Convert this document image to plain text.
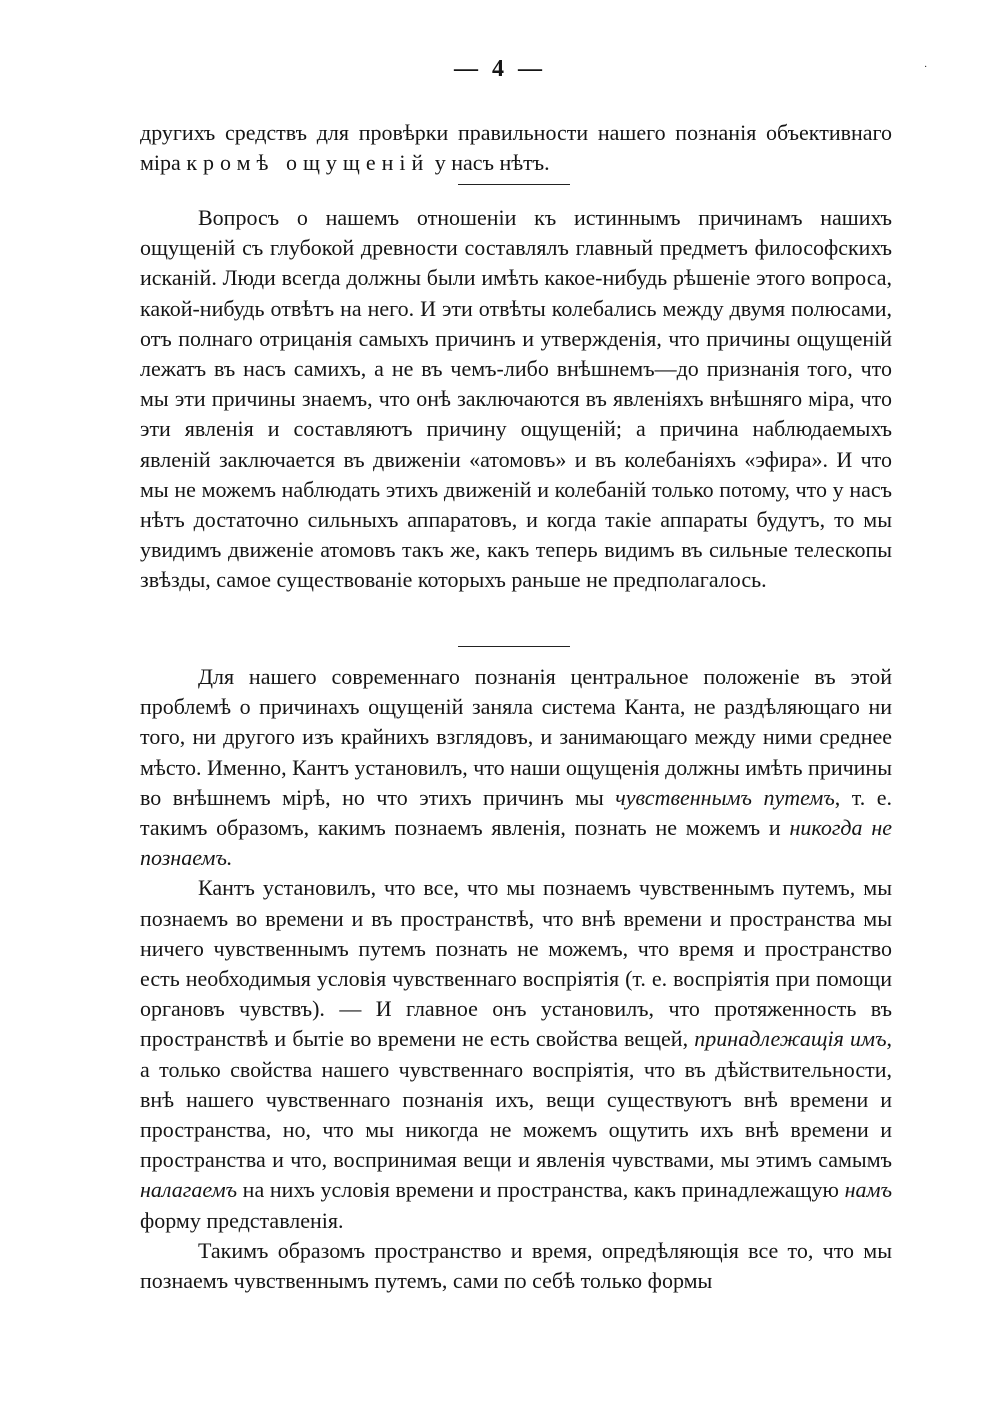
— 4 —	·

другихъ средствъ для провѣрки правильности нашего познанія объективнаго міра кромѣ ощущеній у насъ нѣтъ.

Вопросъ о нашемъ отношеніи къ истиннымъ причинамъ нашихъ ощущеній съ глубокой древности составлялъ главный предметъ философскихъ исканій. Люди всегда должны были имѣть какое-нибудь рѣшеніе этого вопроса, какой-нибудь отвѣтъ на него. И эти отвѣты колебались между двумя полюсами, отъ полнаго отрицанія самыхъ причинъ и утвержденія, что причины ощущеній лежатъ въ насъ самихъ, а не въ чемъ-либо внѣшнемъ—до признанія того, что мы эти причины знаемъ, что онѣ заключаются въ явленіяхъ внѣшняго міра, что эти явленія и составляютъ причину ощущеній; а причина наблюдаемыхъ явленій заключается въ движеніи «атомовъ» и въ колебаніяхъ «эфира». И что мы не можемъ наблюдать этихъ движеній и колебаній только потому, что у насъ нѣтъ достаточно сильныхъ аппаратовъ, и когда такіе аппараты будутъ, то мы увидимъ движеніе атомовъ такъ же, какъ теперь видимъ въ сильные телескопы звѣзды, самое существованіе которыхъ раньше не предполагалось.

Для нашего современнаго познанія центральное положеніе въ этой проблемѣ о причинахъ ощущеній заняла система Канта, не раздѣляющаго ни того, ни другого изъ крайнихъ взглядовъ, и занимающаго между ними среднее мѣсто. Именно, Кантъ установилъ, что наши ощущенія должны имѣть причины во внѣшнемъ мірѣ, но что этихъ причинъ мы чувственнымъ путемъ, т. е. такимъ образомъ, какимъ познаемъ явленія, познать не можемъ и никогда не познаемъ.

Кантъ установилъ, что все, что мы познаемъ чувственнымъ путемъ, мы познаемъ во времени и въ пространствѣ, что внѣ времени и пространства мы ничего чувственнымъ путемъ познать не можемъ, что время и пространство есть необходимыя условія чувственнаго воспріятія (т. е. воспріятія при помощи органовъ чувствъ). — И главное онъ установилъ, что протяженность въ пространствѣ и бытіе во времени не есть свойства вещей, принадлежащія имъ, а только свойства нашего чувственнаго воспріятія, что въ дѣйствительности, внѣ нашего чувственнаго познанія ихъ, вещи существуютъ внѣ времени и пространства, но, что мы никогда не можемъ ощутить ихъ внѣ времени и пространства и что, воспринимая вещи и явленія чувствами, мы этимъ самымъ налагаемъ на нихъ условія времени и пространства, какъ принадлежащую намъ форму представленія.

Такимъ образомъ пространство и время, опредѣляющія все то, что мы познаемъ чувственнымъ путемъ, сами по себѣ только формы
